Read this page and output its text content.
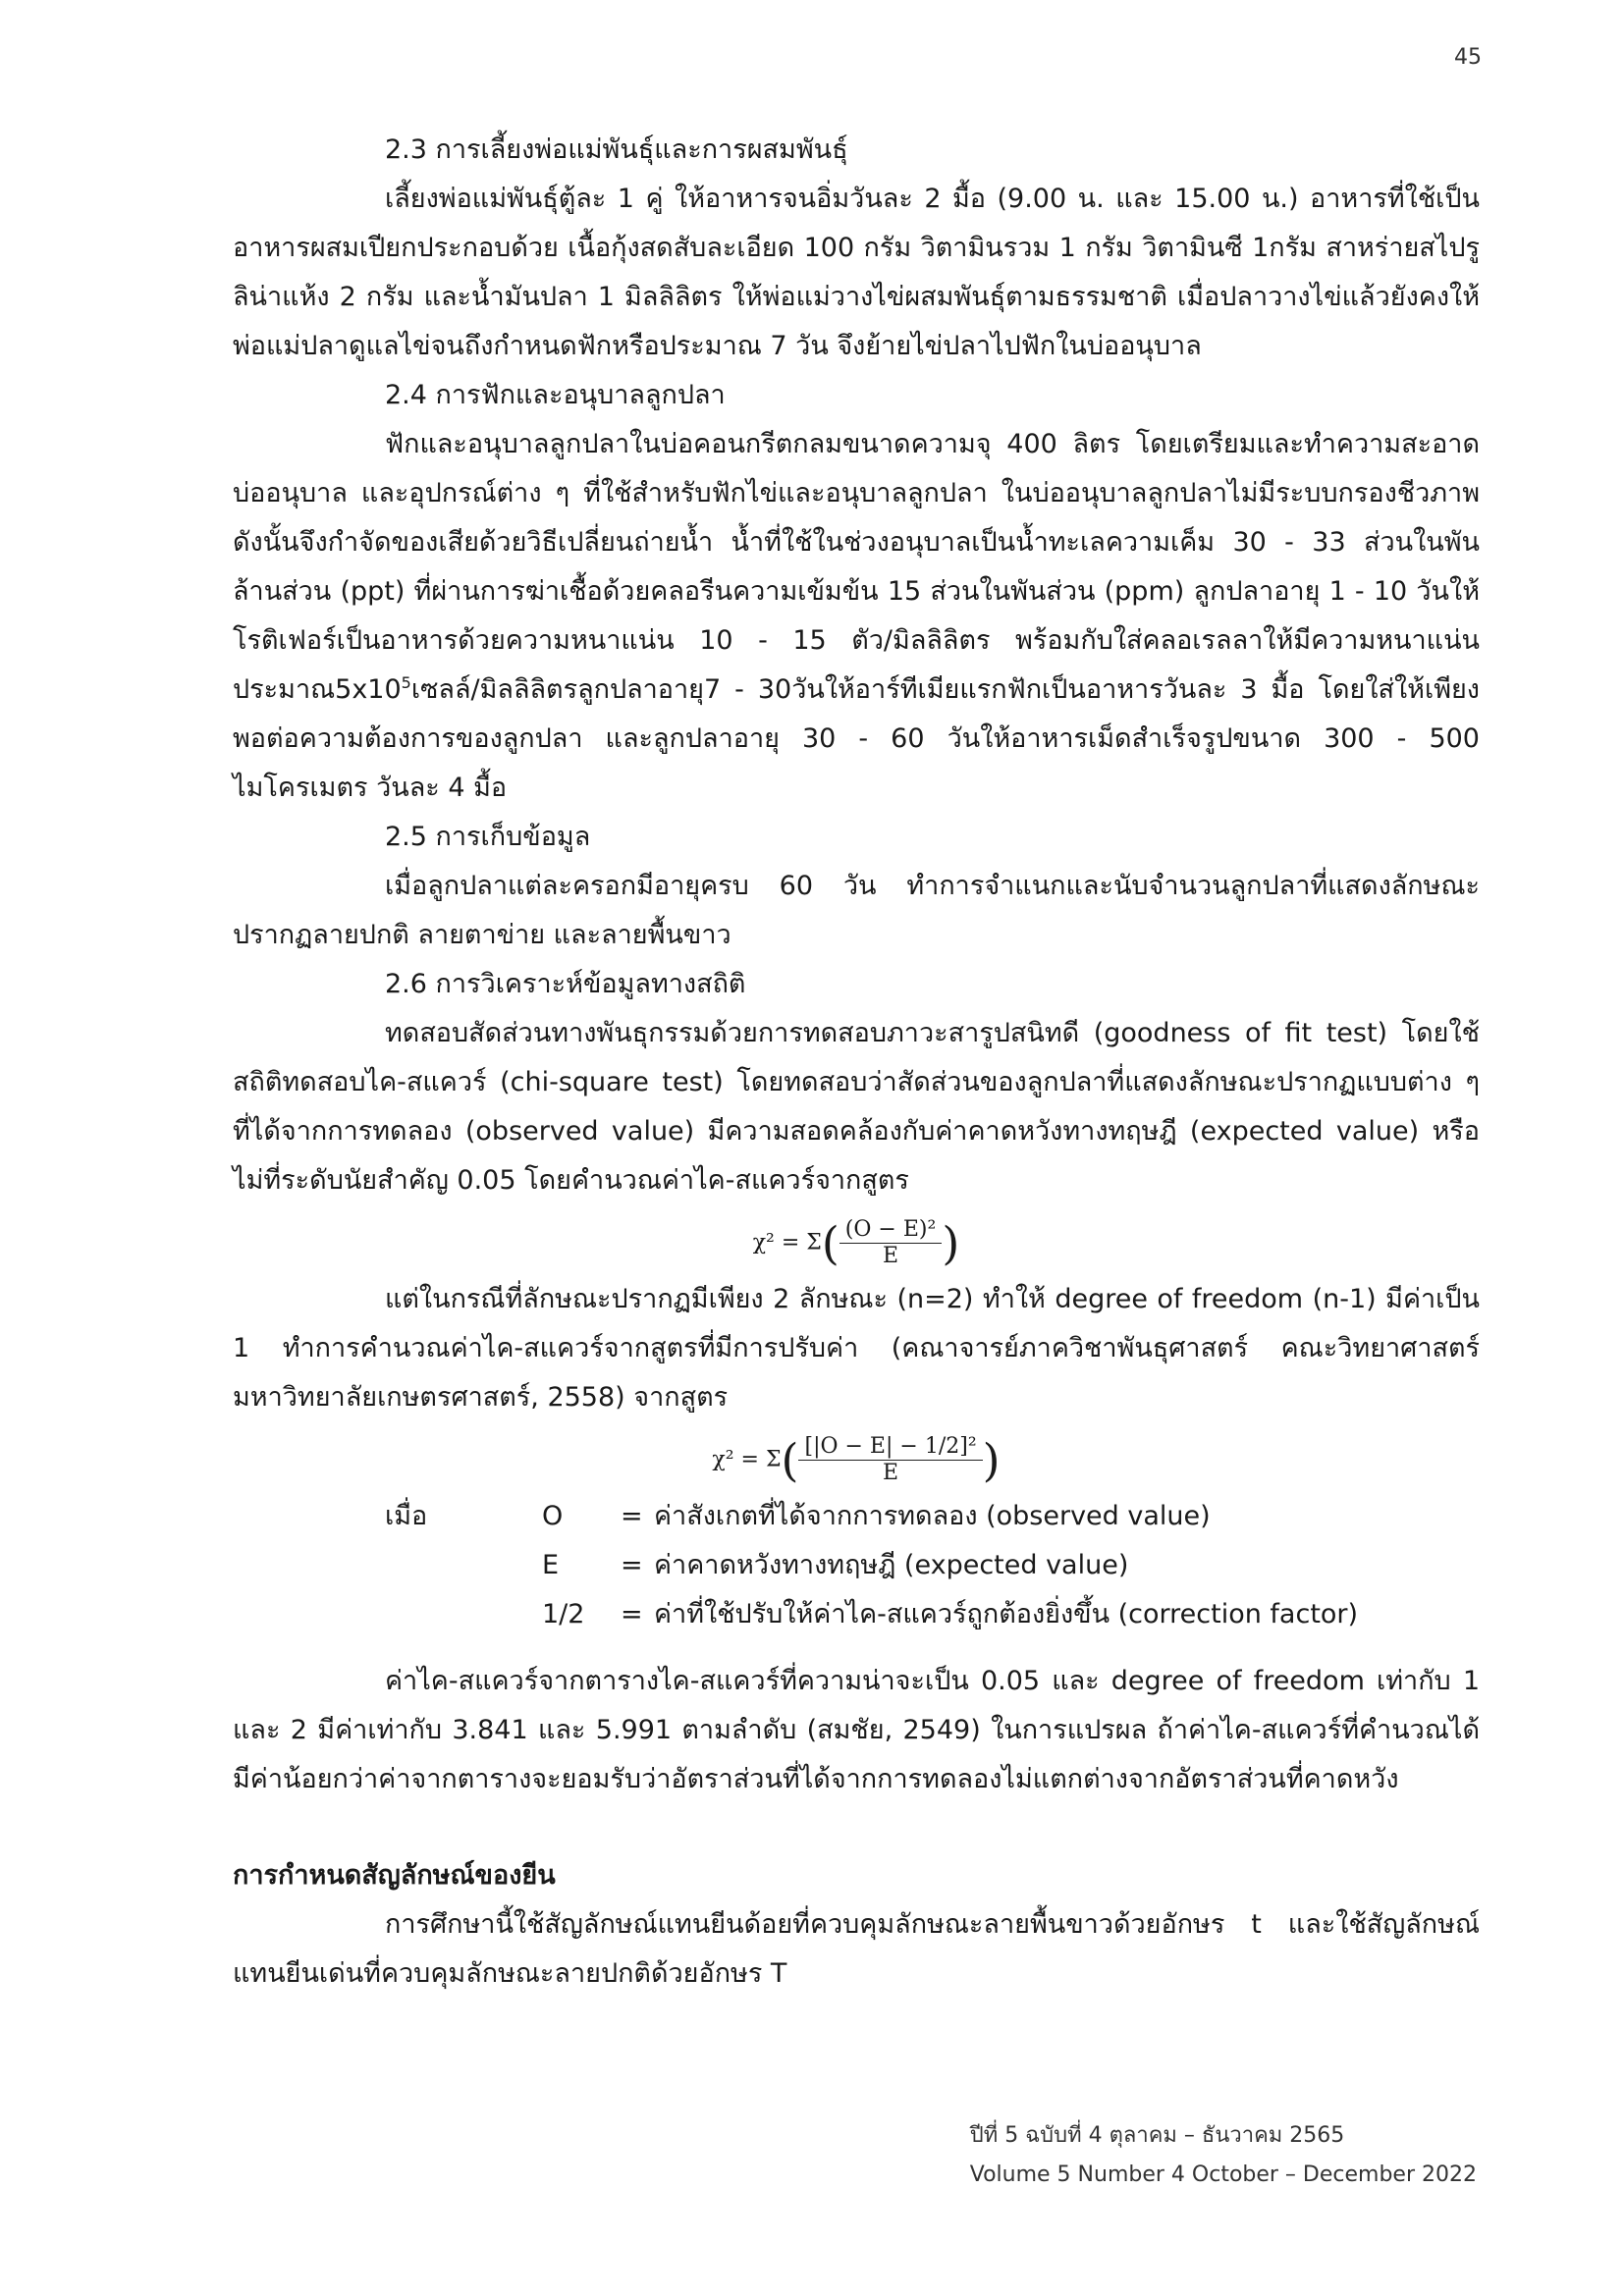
45

2.3 การเลี้ยงพ่อแม่พันธุ์และการผสมพันธุ์

เลี้ยงพ่อแม่พันธุ์ตู้ละ 1 คู่ ให้อาหารจนอิ่มวันละ 2 มื้อ (9.00 น. และ 15.00 น.) อาหารที่ใช้เป็นอาหารผสมเปียกประกอบด้วย เนื้อกุ้งสดสับละเอียด 100 กรัม วิตามินรวม 1 กรัม วิตามินซี 1กรัม สาหร่ายสไปรูลิน่าแห้ง 2 กรัม และน้ำมันปลา 1 มิลลิลิตร ให้พ่อแม่วางไข่ผสมพันธุ์ตามธรรมชาติ เมื่อปลาวางไข่แล้วยังคงให้พ่อแม่ปลาดูแลไข่จนถึงกำหนดฟักหรือประมาณ 7 วัน จึงย้ายไข่ปลาไปฟักในบ่ออนุบาล

2.4 การฟักและอนุบาลลูกปลา

ฟักและอนุบาลลูกปลาในบ่อคอนกรีตกลมขนาดความจุ 400 ลิตร โดยเตรียมและทำความสะอาดบ่ออนุบาล และอุปกรณ์ต่าง ๆ ที่ใช้สำหรับฟักไข่และอนุบาลลูกปลา ในบ่ออนุบาลลูกปลาไม่มีระบบกรองชีวภาพดังนั้นจึงกำจัดของเสียด้วยวิธีเปลี่ยนถ่ายน้ำ น้ำที่ใช้ในช่วงอนุบาลเป็นน้ำทะเลความเค็ม 30 - 33 ส่วนในพันล้านส่วน (ppt) ที่ผ่านการฆ่าเชื้อด้วยคลอรีนความเข้มข้น 15 ส่วนในพันส่วน (ppm) ลูกปลาอายุ 1 - 10 วันให้โรติเฟอร์เป็นอาหารด้วยความหนาแน่น 10 - 15 ตัว/มิลลิลิตร พร้อมกับใส่คลอเรลลาให้มีความหนาแน่นประมาณ$5x10^5$เซลล์/มิลลิลิตรลูกปลาอายุ7 - 30วันให้อาร์ทีเมียแรกฟักเป็นอาหารวันละ 3 มื้อ โดยใส่ให้เพียงพอต่อความต้องการของลูกปลา และลูกปลาอายุ 30 - 60 วันให้อาหารเม็ดสำเร็จรูปขนาด 300 - 500 ไมโครเมตร วันละ 4 มื้อ

2.5 การเก็บข้อมูล

เมื่อลูกปลาแต่ละครอกมีอายุครบ 60 วัน ทำการจำแนกและนับจำนวนลูกปลาที่แสดงลักษณะปรากฏลายปกติ ลายตาข่าย และลายพื้นขาว

2.6 การวิเคราะห์ข้อมูลทางสถิติ

ทดสอบสัดส่วนทางพันธุกรรมด้วยการทดสอบภาวะสารูปสนิทดี (goodness of fit test) โดยใช้สถิติทดสอบไค-สแควร์ (chi-square test) โดยทดสอบว่าสัดส่วนของลูกปลาที่แสดงลักษณะปรากฏแบบต่าง ๆ ที่ได้จากการทดลอง (observed value) มีความสอดคล้องกับค่าคาดหวังทางทฤษฎี (expected value) หรือไม่ที่ระดับนัยสำคัญ 0.05 โดยคำนวณค่าไค-สแควร์จากสูตร

$\chi^2 = \Sigma( \frac{\text{(O − E)²}}{E}$ )

แต่ในกรณีที่ลักษณะปรากฏมีเพียง 2 ลักษณะ (n=2) ทำให้ degree of freedom (n-1) มีค่าเป็น 1 ทำการคำนวณค่าไค-สแควร์จากสูตรที่มีการปรับค่า (คณาจารย์ภาควิชาพันธุศาสตร์ คณะวิทยาศาสตร์ มหาวิทยาลัยเกษตรศาสตร์, 2558) จากสูตร

$\chi^2 = \Sigma( \frac{\text{[|O − E| − 1/2]²}}{E}$ )
เมื่อ	O	= ค่าสังเกตที่ได้จากการทดลอง (observed value)
E	= ค่าคาดหวังทางทฤษฎี (expected value)
1/2	= ค่าที่ใช้ปรับให้ค่าไค-สแควร์ถูกต้องยิ่งขึ้น (correction factor)

ค่าไค-สแควร์จากตารางไค-สแควร์ที่ความน่าจะเป็น 0.05 และ degree of freedom เท่ากับ 1 และ 2 มีค่าเท่ากับ 3.841 และ 5.991 ตามลำดับ (สมชัย, 2549) ในการแปรผล ถ้าค่าไค-สแควร์ที่คำนวณได้มีค่าน้อยกว่าค่าจากตารางจะยอมรับว่าอัตราส่วนที่ได้จากการทดลองไม่แตกต่างจากอัตราส่วนที่คาดหวัง

การกำหนดสัญลักษณ์ของยีน

การศึกษานี้ใช้สัญลักษณ์แทนยีนด้อยที่ควบคุมลักษณะลายพื้นขาวด้วยอักษร t และใช้สัญลักษณ์แทนยีนเด่นที่ควบคุมลักษณะลายปกติด้วยอักษร T

ปีที่ 5 ฉบับที่ 4 ตุลาคม – ธันวาคม 2565
Volume 5 Number 4 October – December 2022
